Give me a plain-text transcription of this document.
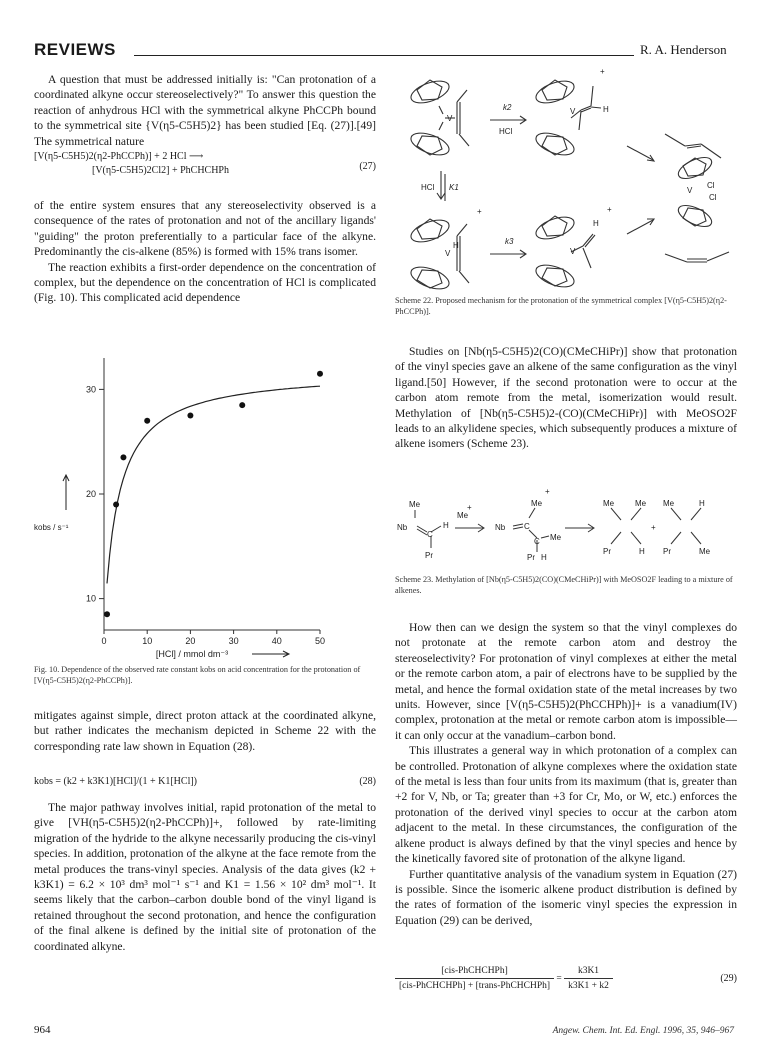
REVIEWS	R. A. Henderson

A question that must be addressed initially is: "Can protonation of a coordinated alkyne occur stereoselectively?" To answer this question the reaction of anhydrous HCl with the symmetrical alkyne PhCCPh bound to the symmetrical site {V(η5-C5H5)2} has been studied [Eq. (27)].[49] The symmetrical nature

[V(η5-C5H5)2(η2-PhCCPh)] + 2 HCl ⟶
[V(η5-C5H5)2Cl2] + PhCHCHPh	(27)

of the entire system ensures that any stereoselectivity observed is a consequence of the rates of protonation and not of the ancillary ligands' "guiding" the proton preferentially to a particular face of the alkyne. Predominantly the cis-alkene (85%) is formed with 15% trans isomer.

The reaction exhibits a first-order dependence on the concentration of complex, but the dependence on the concentration of HCl is complicated (Fig. 10). This complicated acid dependence

10
20
30
0	10	20	30	40	50
[HCl] / mmol dm⁻³
kobs / s⁻¹
Fig. 10. Dependence of the observed rate constant kobs on acid concentration for the protonation of [V(η5-C5H5)2(η2-PhCCPh)].

mitigates against simple, direct proton attack at the coordinated alkyne, but rather indicates the mechanism depicted in Scheme 22 with the corresponding rate law shown in Equation (28).

kobs = (k2 + k3K1)[HCl]/(1 + K1[HCl])	(28)

The major pathway involves initial, rapid protonation of the metal to give [VH(η5-C5H5)2(η2-PhCCPh)]+, followed by rate-limiting migration of the hydride to the alkyne necessarily producing the cis-vinyl species. In addition, protonation of the alkyne at the face remote from the metal produces the trans-vinyl species. Analysis of the data gives (k2 + k3K1) = 6.2 × 10³ dm³ mol⁻¹ s⁻¹ and K1 = 1.56 × 10² dm³ mol⁻¹. It seems likely that the carbon–carbon double bond of the vinyl ligand is retained throughout the second protonation, and hence the configuration of the final alkene is defined by the initial site of protonation of the coordinated alkyne.

V
k2
HCl
V	H
+
HCl K1	Cl
Cl
V
+
V
H	k3
V
H
+
Scheme 22. Proposed mechanism for the protonation of the symmetrical complex [V(η5-C5H5)2(η2-PhCCPh)].

Studies on [Nb(η5-C5H5)2(CO)(CMeCHiPr)] show that protonation of the vinyl species gave an alkene of the same configuration as the vinyl ligand.[50] However, if the second protonation were to occur at the carbon atom remote from the metal, isomerization would result. Methylation of [Nb(η5-C5H5)2-(CO)(CMeCHiPr)] with MeOSO2F leads to an alkylidene species, which subsequently produces a mixture of alkene isomers (Scheme 23).

Me
Nb
C
H
Pr
Me
+
Nb C
Me
C Me
Pr H
+
Me	Me
Pr	H
+
Me	H
Pr	Me
Scheme 23. Methylation of [Nb(η5-C5H5)2(CO)(CMeCHiPr)] with MeOSO2F leading to a mixture of alkenes.

How then can we design the system so that the vinyl complexes do not protonate at the remote carbon atom and destroy the stereoselectivity? For protonation of vinyl complexes at either the metal or the remote carbon atom, a pair of electrons have to be supplied by the metal, and hence the formal oxidation state of the metal increases by two units. However, since [V(η5-C5H5)2(PhCCHPh)]+ is a vanadium(IV) complex, protonation at the metal or remote carbon atom is impossible—it can only occur at the vanadium–carbon bond.

This illustrates a general way in which protonation of a complex can be controlled. Protonation of alkyne complexes where the oxidation state of the metal is less than four units from its maximum (that is, greater than +2 for V, Nb, or Ta; greater than +3 for Cr, Mo, or W, etc.) enforces the protonation of the derived vinyl species to occur at the carbon atom adjacent to the metal. In these circumstances, the configuration of the alkene product is always defined by that the vinyl species and hence by the kinetically favored site of protonation of the alkyne ligand.

Further quantitative analysis of the vanadium system in Equation (27) is possible. Since the isomeric alkene product distribution is defined by the rates of formation of the isomeric vinyl species the expression in Equation (29) can be derived,

$\frac{\text{[cis-PhCHCHPh]}}{\text{[cis-PhCHCHPh] + [trans-PhCHCHPh]}} = \frac{k3K1}{k3K1 + k2}$	(29)
964	Angew. Chem. Int. Ed. Engl. 1996, 35, 946–967
